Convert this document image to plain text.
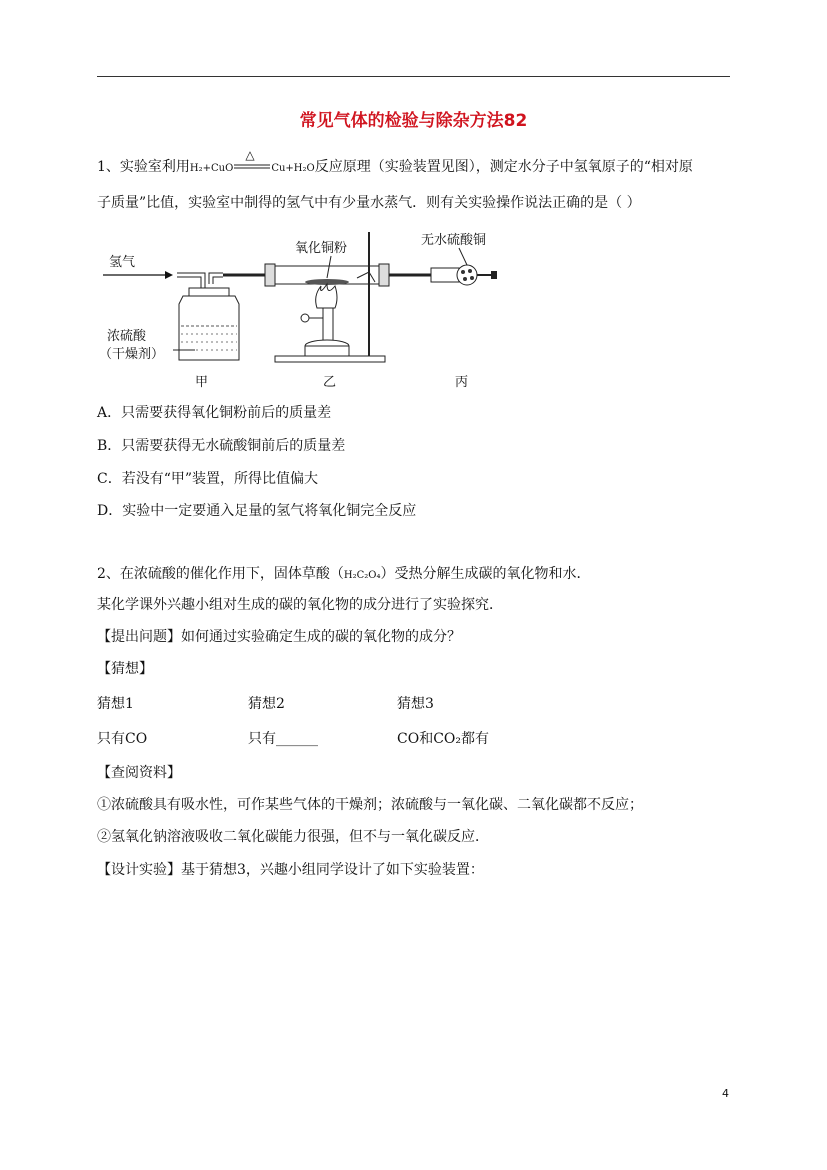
常见气体的检验与除杂方法82
1、实验室利用H₂+CuO
△
Cu+H₂O反应原理（实验装置见图），测定水分子中氢氧原子的“相对原
子质量”比值，实验室中制得的氢气中有少量水蒸气．则有关实验操作说法正确的是（ ）
氢气
浓硫酸
（干燥剂）
氧化铜粉
无水硫酸铜
甲	乙	丙
A．只需要获得氧化铜粉前后的质量差
B．只需要获得无水硫酸铜前后的质量差
C．若没有“甲”装置，所得比值偏大
D．实验中一定要通入足量的氢气将氧化铜完全反应
2、在浓硫酸的催化作用下，固体草酸（H₂C₂O₄）受热分解生成碳的氧化物和水．
某化学课外兴趣小组对生成的碳的氧化物的成分进行了实验探究．
【提出问题】如何通过实验确定生成的碳的氧化物的成分？
【猜想】
猜想1	猜想2	猜想3
只有CO	只有______	CO和CO₂都有
【查阅资料】
①浓硫酸具有吸水性，可作某些气体的干燥剂；浓硫酸与一氧化碳、二氧化碳都不反应；
②氢氧化钠溶液吸收二氧化碳能力很强，但不与一氧化碳反应．
【设计实验】基于猜想3，兴趣小组同学设计了如下实验装置：
4
